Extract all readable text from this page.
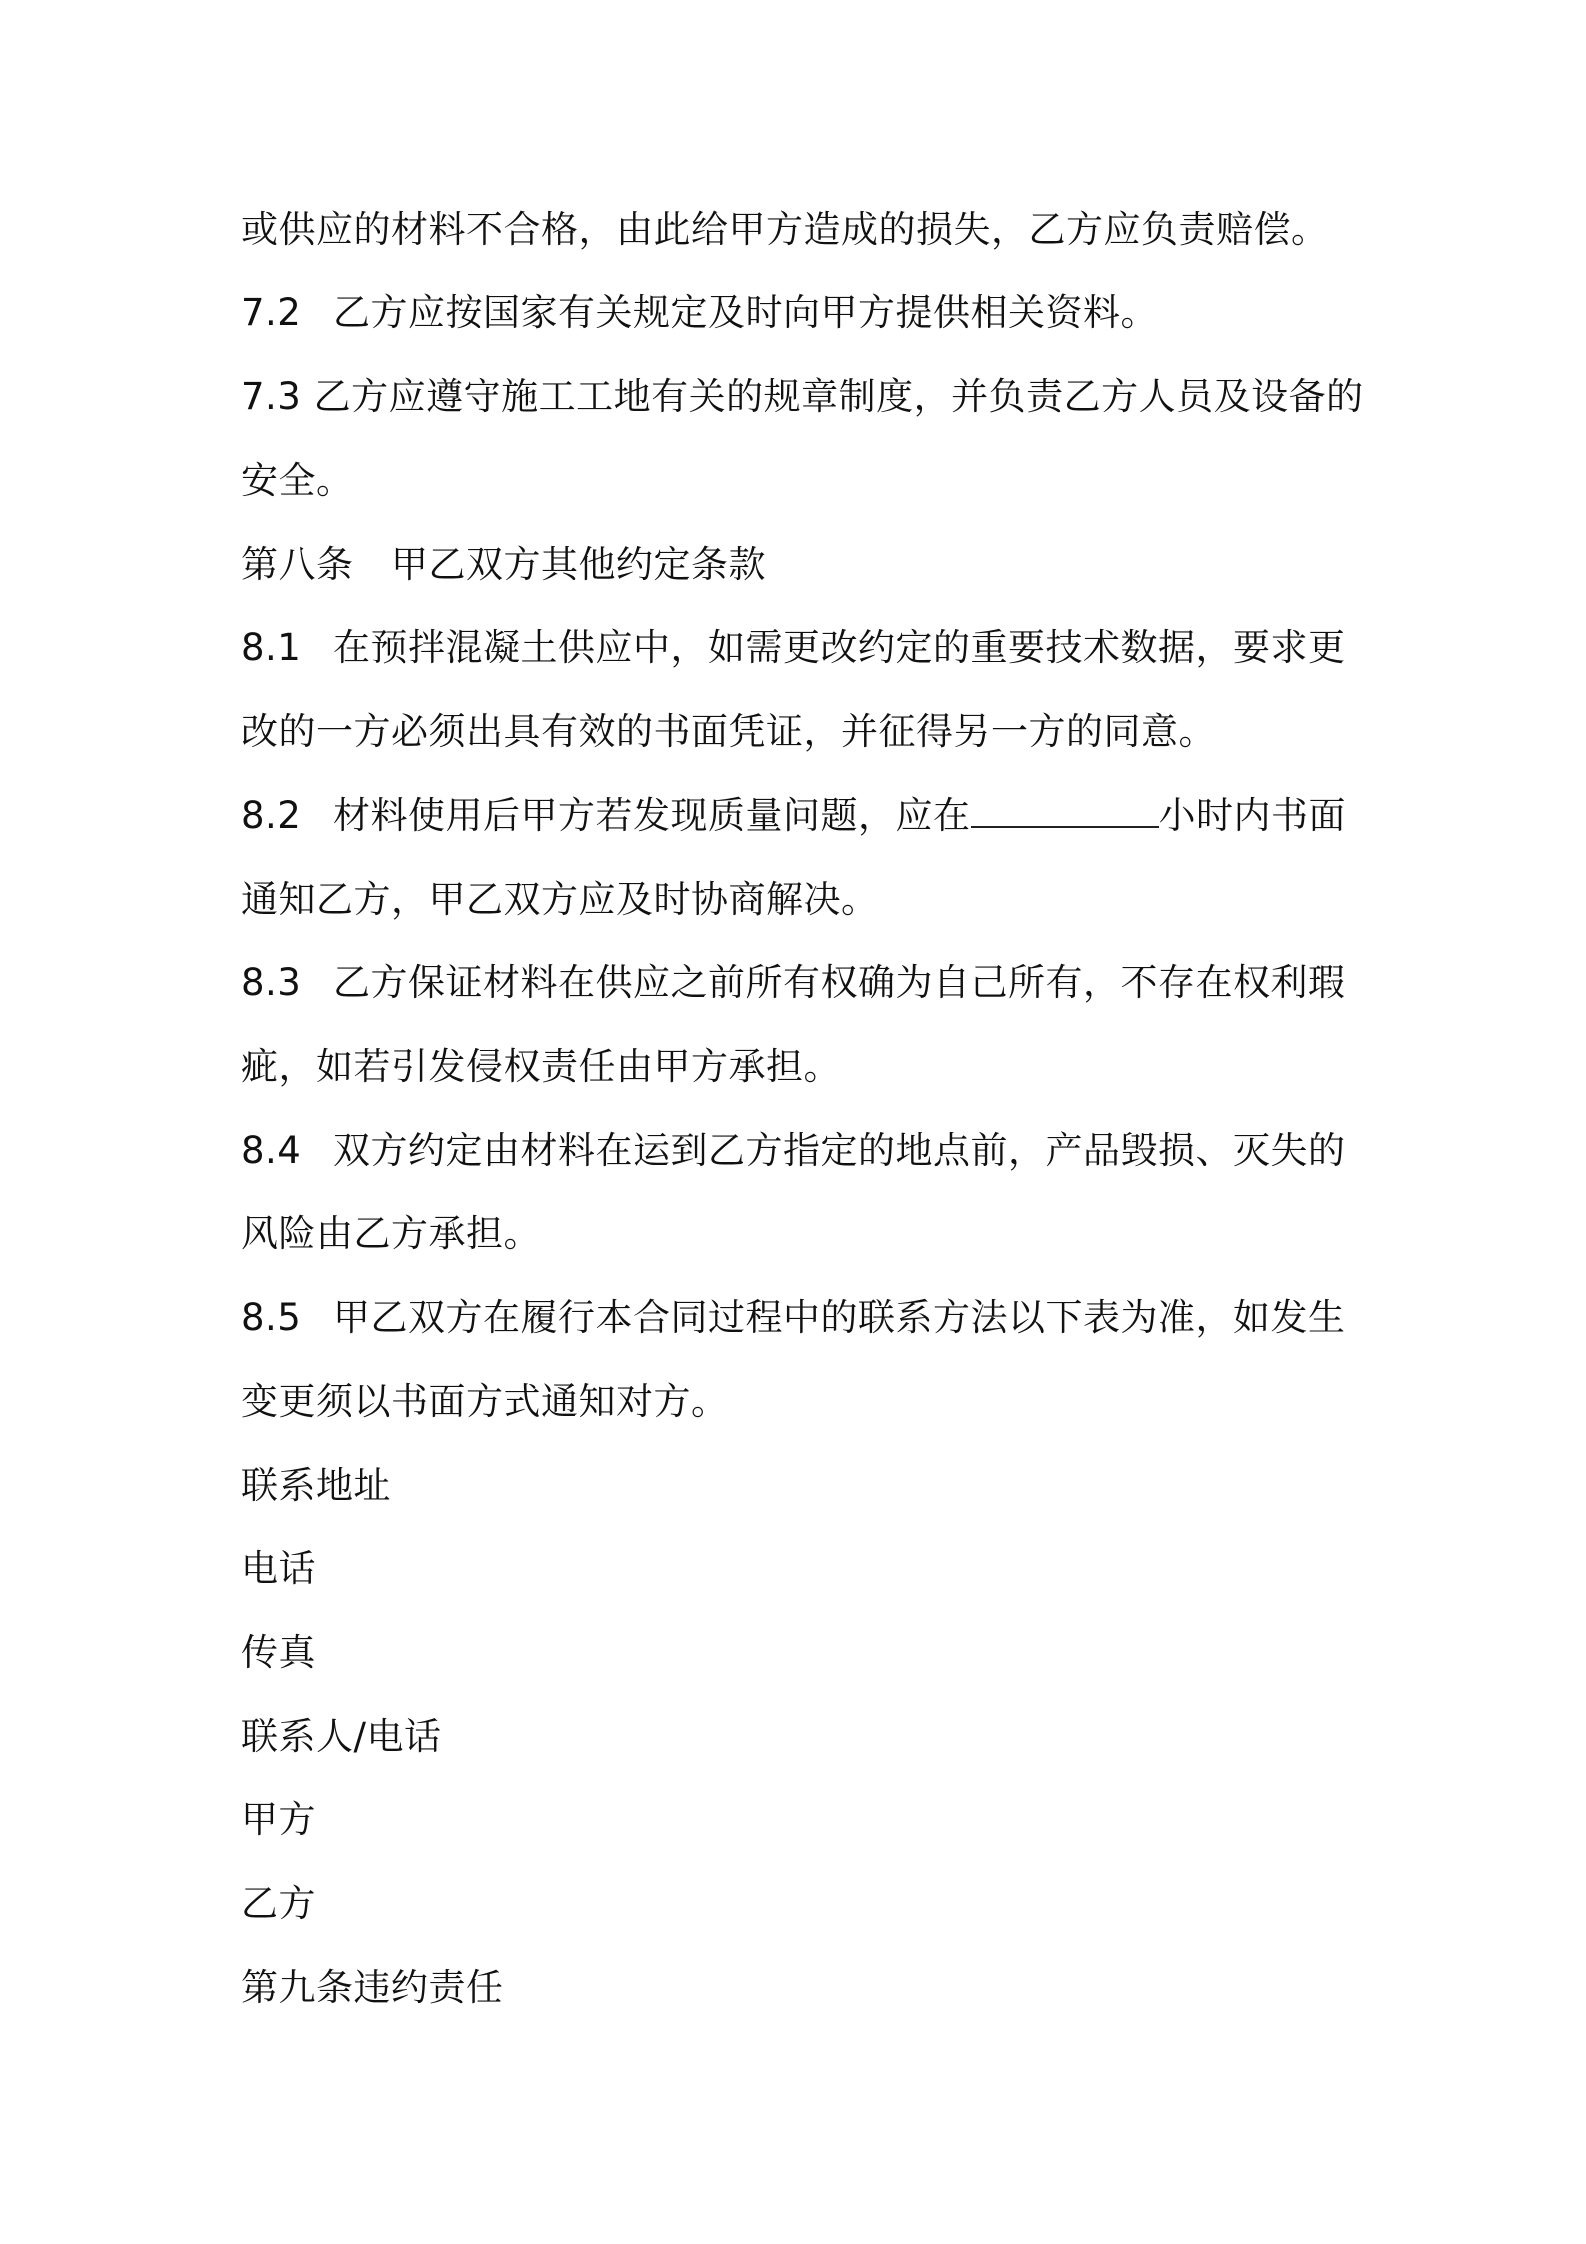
或供应的材料不合格，由此给甲方造成的损失，乙方应负责赔偿。
7.2 乙方应按国家有关规定及时向甲方提供相关资料。
7.3 乙方应遵守施工工地有关的规章制度，并负责乙方人员及设备的
安全。
第八条　甲乙双方其他约定条款
8.1 在预拌混凝土供应中，如需更改约定的重要技术数据，要求更
改的一方必须出具有效的书面凭证，并征得另一方的同意。
8.2 材料使用后甲方若发现质量问题，应在	小时内书面
通知乙方，甲乙双方应及时协商解决。
8.3 乙方保证材料在供应之前所有权确为自己所有，不存在权利瑕
疵，如若引发侵权责任由甲方承担。
8.4 双方约定由材料在运到乙方指定的地点前，产品毁损、灭失的
风险由乙方承担。
8.5 甲乙双方在履行本合同过程中的联系方法以下表为准，如发生
变更须以书面方式通知对方。
联系地址
电话
传真
联系人/电话
甲方
乙方
第九条违约责任
